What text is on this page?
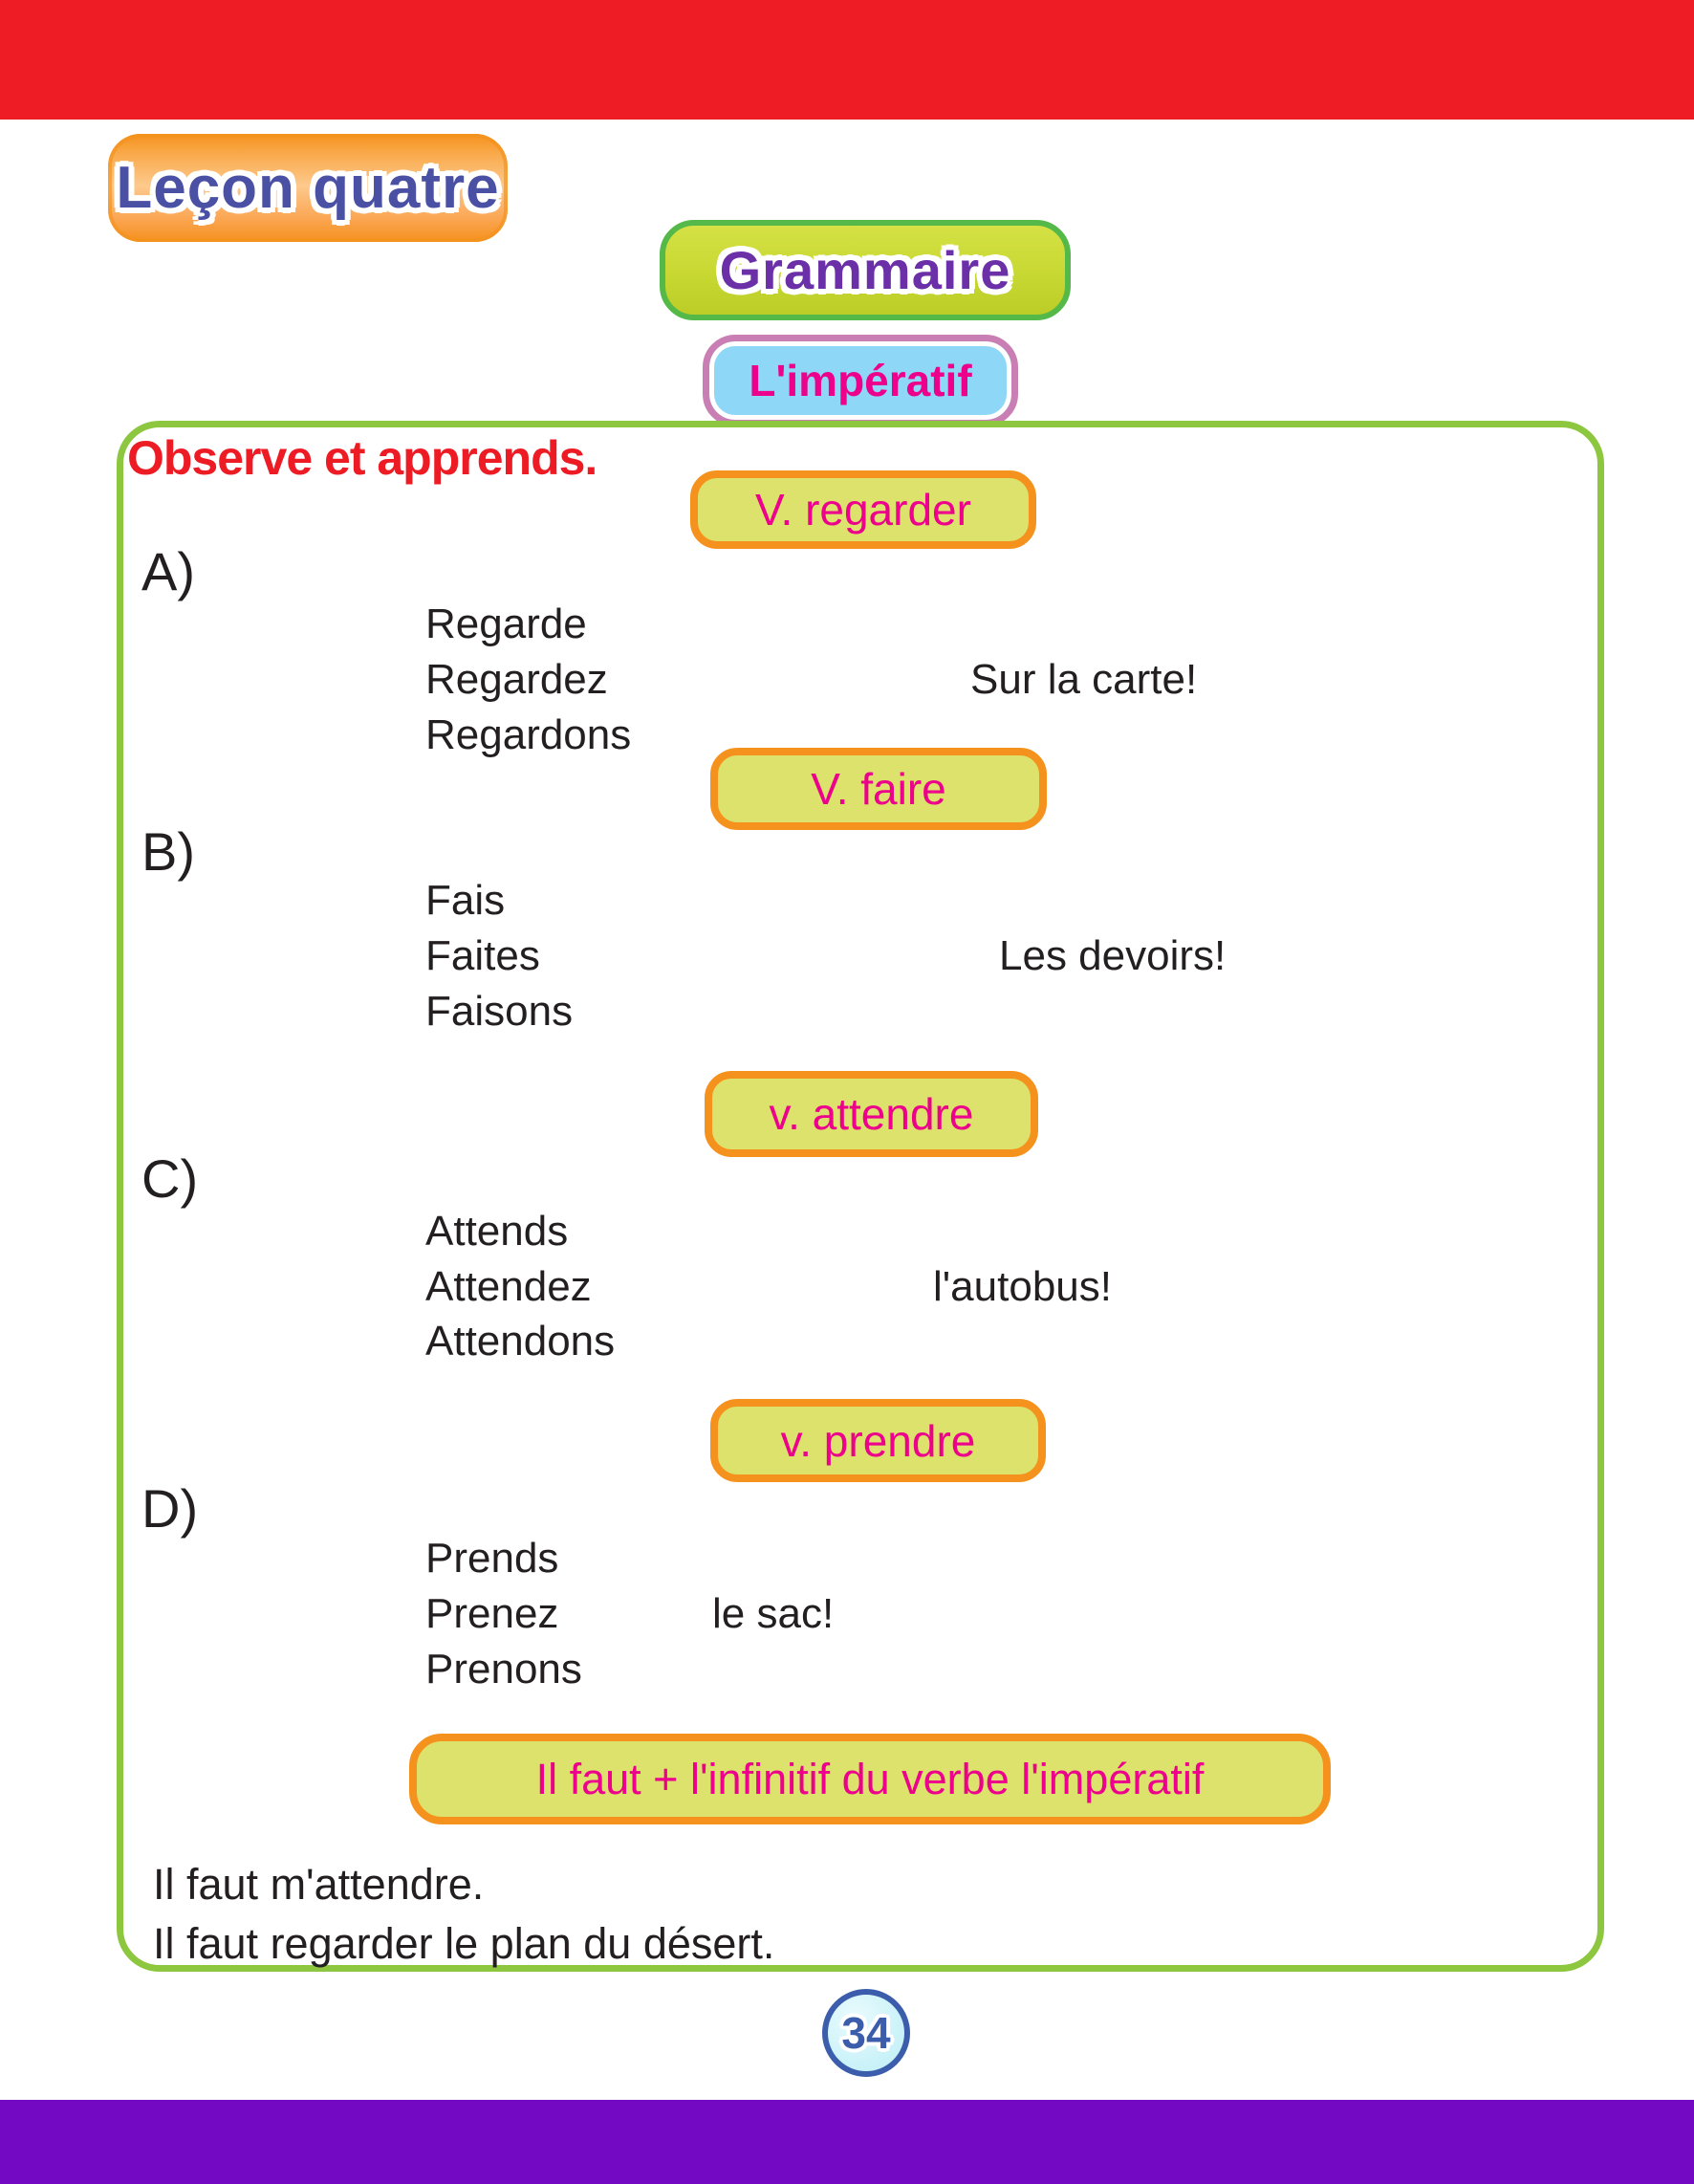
Leçon quatre
Grammaire
L'impératif
Observe et apprends.
V. regarder
A)
Regarde
Regardez
Regardons
Sur la carte!
V. faire
B)
Fais
Faites
Faisons
Les devoirs!
v. attendre
C)
Attends
Attendez
Attendons
l'autobus!
v. prendre
D)
Prends
Prenez
Prenons
le sac!
Il faut + l'infinitif du verbe l'impératif
Il faut m'attendre.
Il faut regarder le plan du désert.
34
